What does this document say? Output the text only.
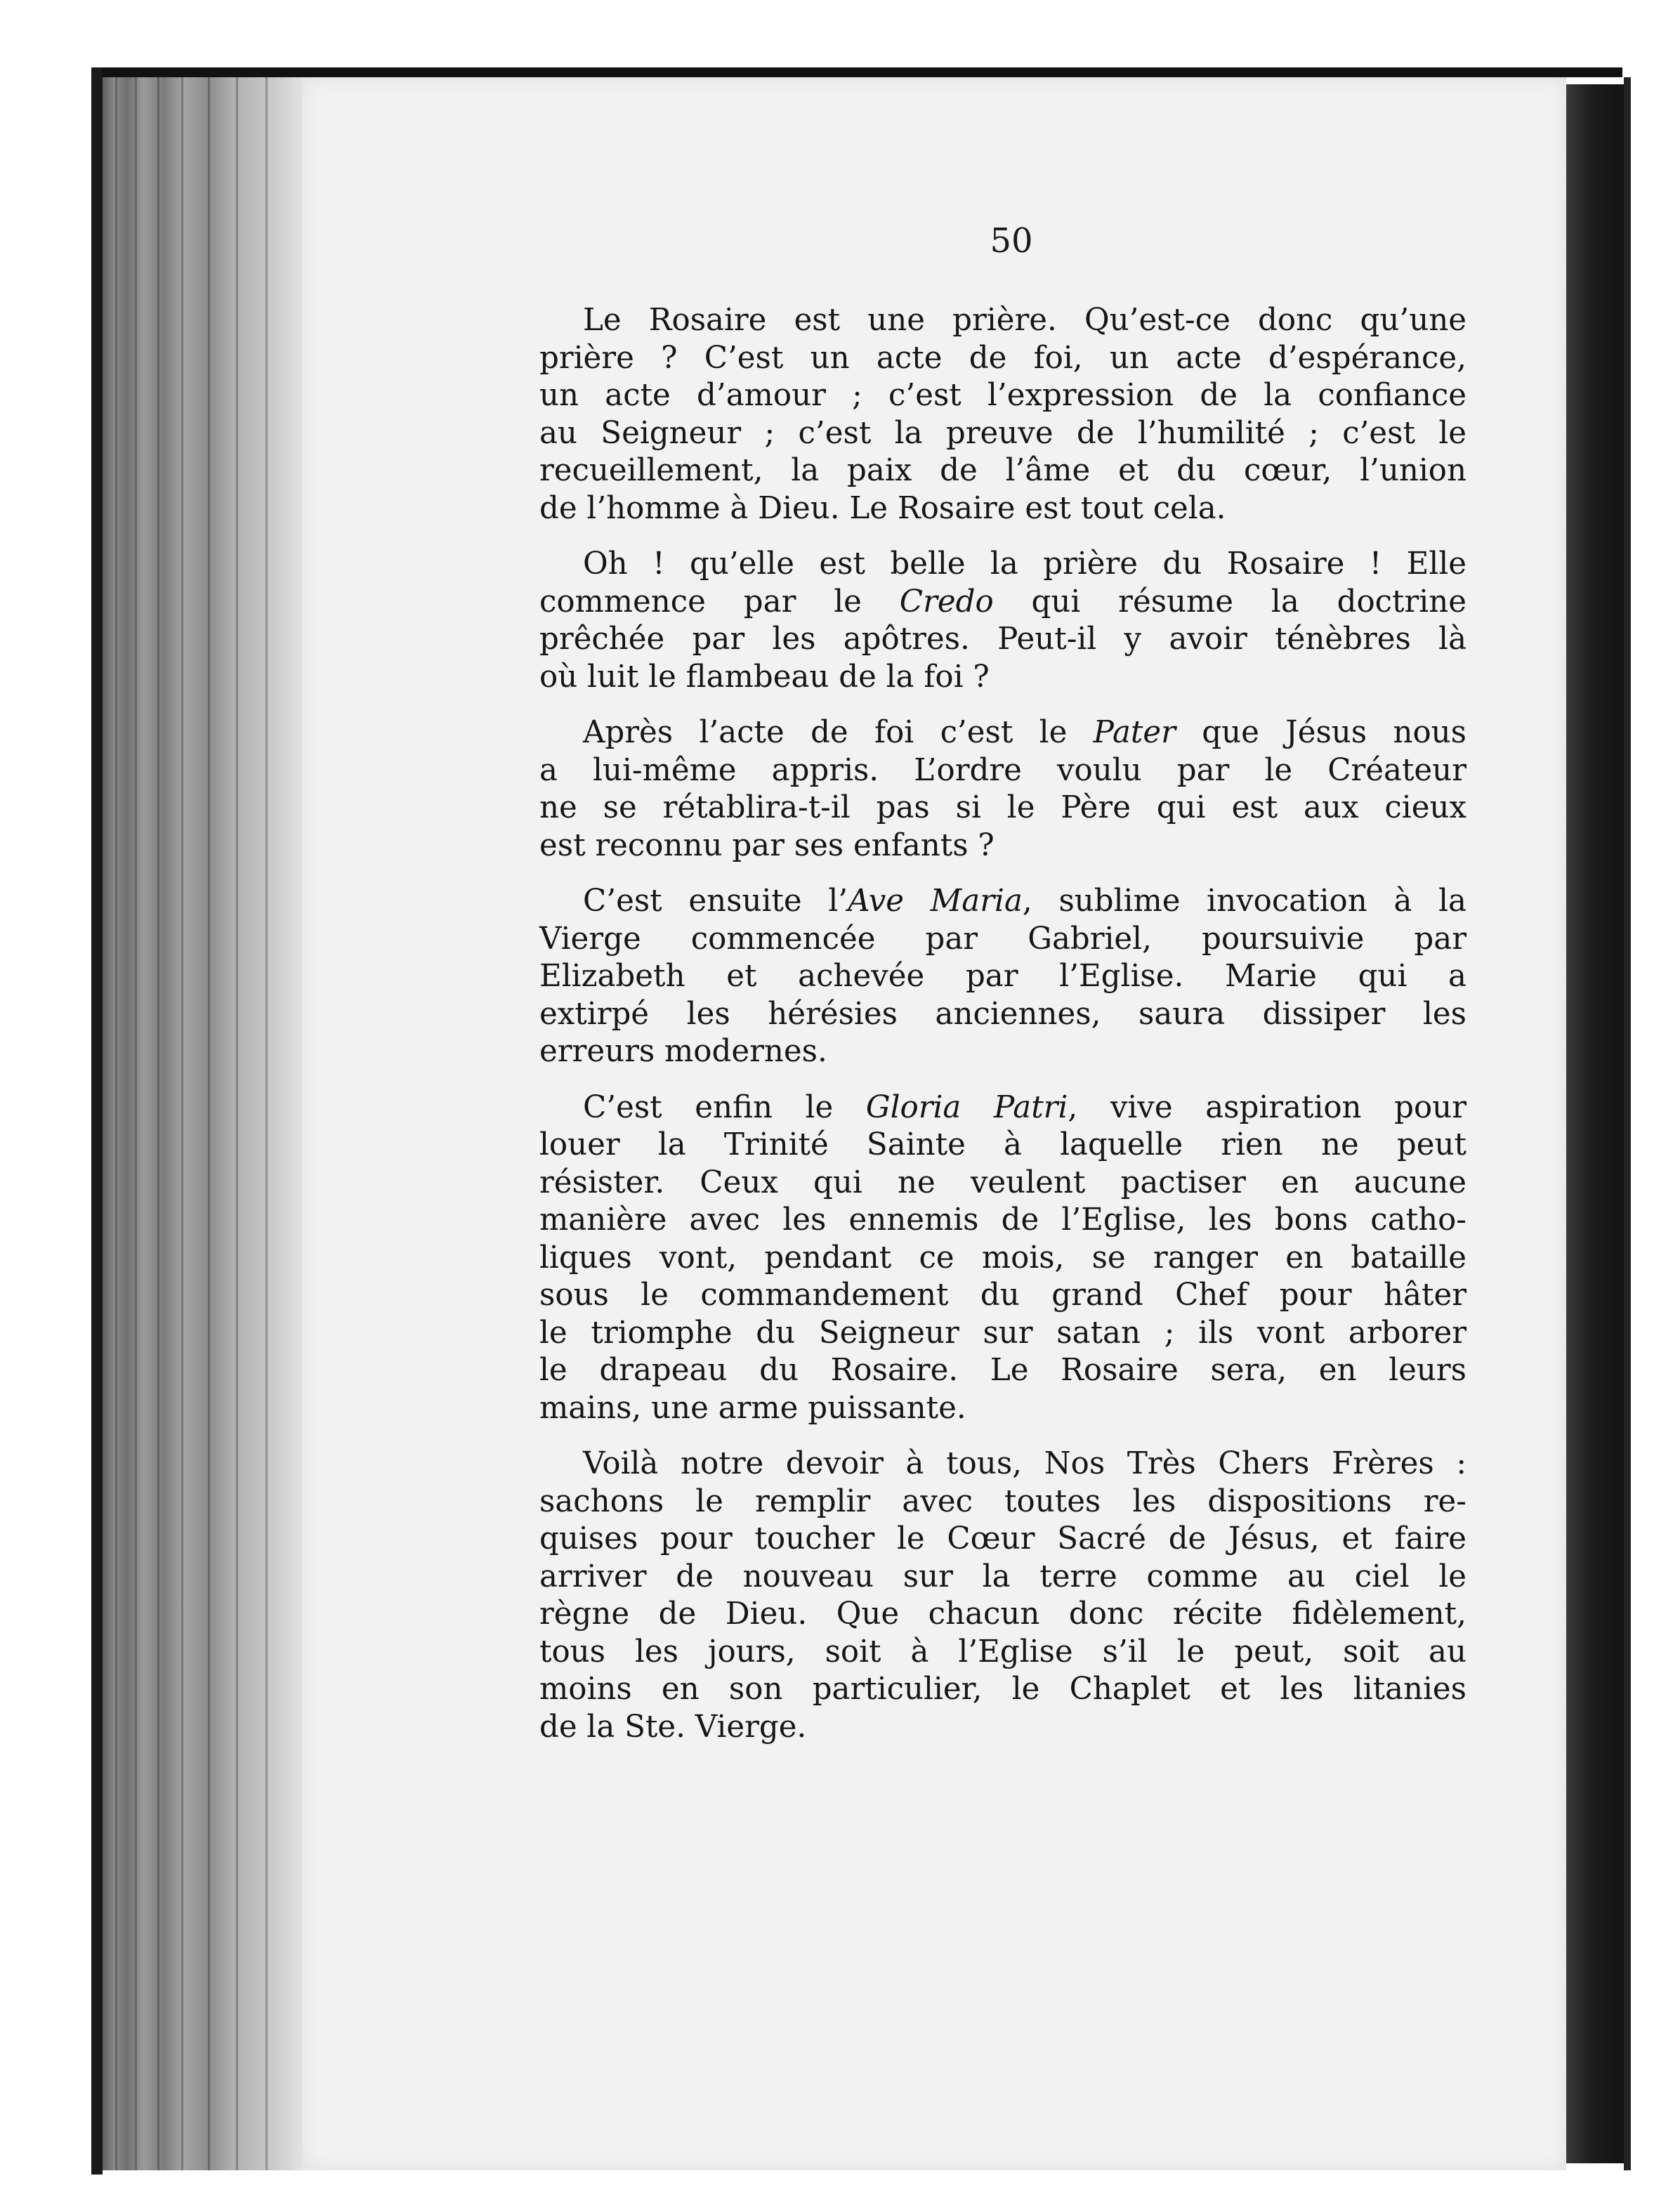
50

Le Rosaire est une prière. Qu’est-ce donc qu’une
prière ? C’est un acte de foi, un acte d’espérance,
un acte d’amour ; c’est l’expression de la confiance
au Seigneur ; c’est la preuve de l’humilité ; c’est le
recueillement, la paix de l’âme et du cœur, l’union
de l’homme à Dieu. Le Rosaire est tout cela.

Oh ! qu’elle est belle la prière du Rosaire ! Elle
commence par le Credo qui résume la doctrine
prêchée par les apôtres. Peut-il y avoir ténèbres là
où luit le flambeau de la foi ?

Après l’acte de foi c’est le Pater que Jésus nous
a lui-même appris. L’ordre voulu par le Créateur
ne se rétablira-t-il pas si le Père qui est aux cieux
est reconnu par ses enfants ?

C’est ensuite l’Ave Maria, sublime invocation à la
Vierge commencée par Gabriel, poursuivie par
Elizabeth et achevée par l’Eglise. Marie qui a
extirpé les hérésies anciennes, saura dissiper les
erreurs modernes.

C’est enfin le Gloria Patri, vive aspiration pour
louer la Trinité Sainte à laquelle rien ne peut
résister. Ceux qui ne veulent pactiser en aucune
manière avec les ennemis de l’Eglise, les bons catho-
liques vont, pendant ce mois, se ranger en bataille
sous le commandement du grand Chef pour hâter
le triomphe du Seigneur sur satan ; ils vont arborer
le drapeau du Rosaire. Le Rosaire sera, en leurs
mains, une arme puissante.

Voilà notre devoir à tous, Nos Très Chers Frères :
sachons le remplir avec toutes les dispositions re-
quises pour toucher le Cœur Sacré de Jésus, et faire
arriver de nouveau sur la terre comme au ciel le
règne de Dieu. Que chacun donc récite fidèlement,
tous les jours, soit à l’Eglise s’il le peut, soit au
moins en son particulier, le Chaplet et les litanies
de la Ste. Vierge.
